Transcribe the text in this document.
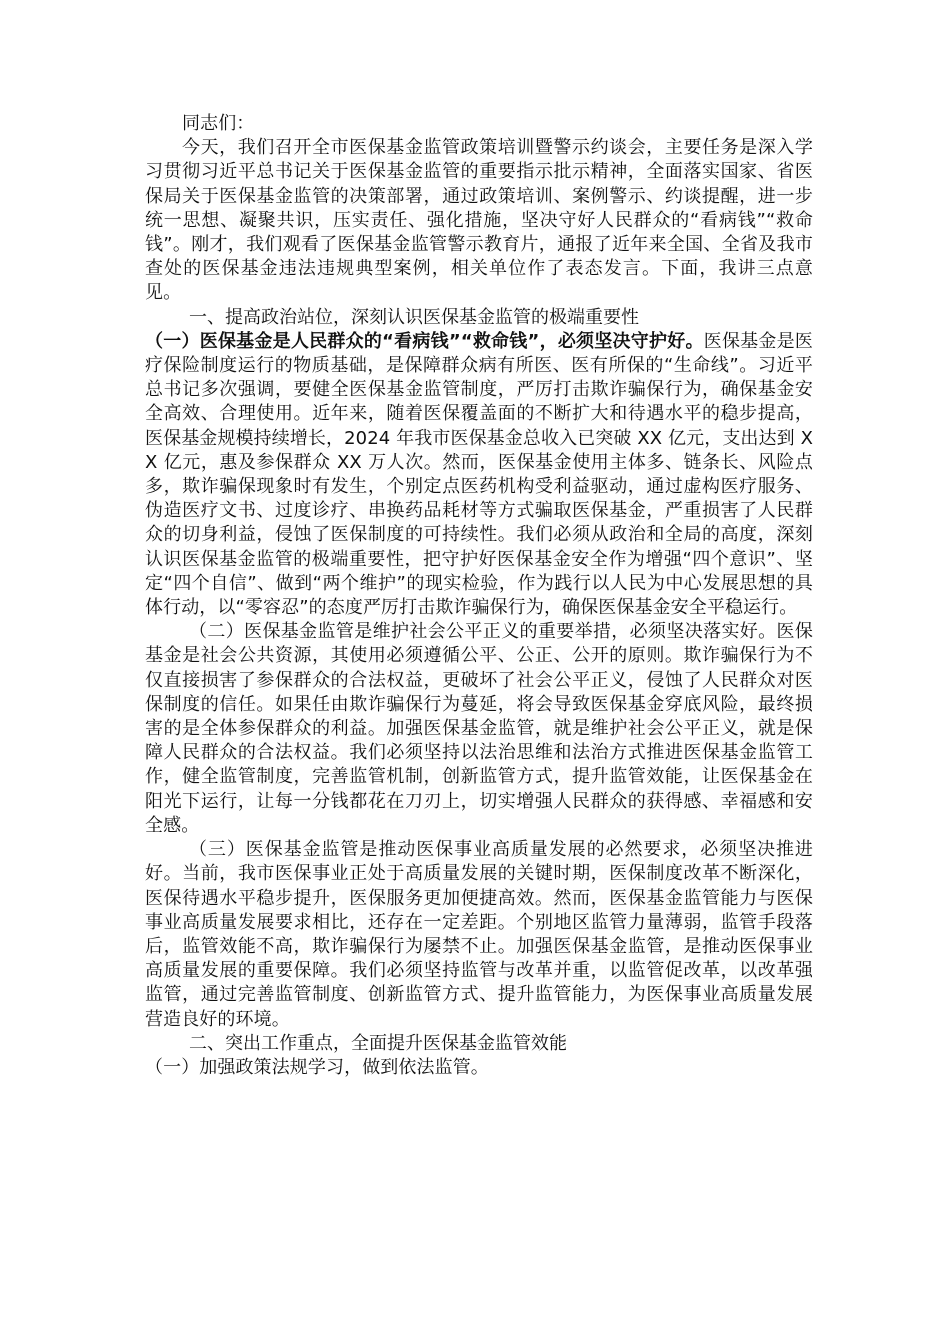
同志们：

今天，我们召开全市医保基金监管政策培训暨警示约谈会，主要任务是深入学习贯彻习近平总书记关于医保基金监管的重要指示批示精神，全面落实国家、省医保局关于医保基金监管的决策部署，通过政策培训、案例警示、约谈提醒，进一步统一思想、凝聚共识，压实责任、强化措施，坚决守好人民群众的“看病钱”“救命钱”。刚才，我们观看了医保基金监管警示教育片，通报了近年来全国、全省及我市查处的医保基金违法违规典型案例，相关单位作了表态发言。下面，我讲三点意见。

一、提高政治站位，深刻认识医保基金监管的极端重要性

（一）医保基金是人民群众的“看病钱”“救命钱”，必须坚决守护好。医保基金是医疗保险制度运行的物质基础，是保障群众病有所医、医有所保的“生命线”。习近平总书记多次强调，要健全医保基金监管制度，严厉打击欺诈骗保行为，确保基金安全高效、合理使用。近年来，随着医保覆盖面的不断扩大和待遇水平的稳步提高，医保基金规模持续增长，2024 年我市医保基金总收入已突破 XX 亿元，支出达到 XX 亿元，惠及参保群众 XX 万人次。然而，医保基金使用主体多、链条长、风险点多，欺诈骗保现象时有发生，个别定点医药机构受利益驱动，通过虚构医疗服务、伪造医疗文书、过度诊疗、串换药品耗材等方式骗取医保基金，严重损害了人民群众的切身利益，侵蚀了医保制度的可持续性。我们必须从政治和全局的高度，深刻认识医保基金监管的极端重要性，把守护好医保基金安全作为增强“四个意识”、坚定“四个自信”、做到“两个维护”的现实检验，作为践行以人民为中心发展思想的具体行动，以“零容忍”的态度严厉打击欺诈骗保行为，确保医保基金安全平稳运行。

（二）医保基金监管是维护社会公平正义的重要举措，必须坚决落实好。医保基金是社会公共资源，其使用必须遵循公平、公正、公开的原则。欺诈骗保行为不仅直接损害了参保群众的合法权益，更破坏了社会公平正义，侵蚀了人民群众对医保制度的信任。如果任由欺诈骗保行为蔓延，将会导致医保基金穿底风险，最终损害的是全体参保群众的利益。加强医保基金监管，就是维护社会公平正义，就是保障人民群众的合法权益。我们必须坚持以法治思维和法治方式推进医保基金监管工作，健全监管制度，完善监管机制，创新监管方式，提升监管效能，让医保基金在阳光下运行，让每一分钱都花在刀刃上，切实增强人民群众的获得感、幸福感和安全感。

（三）医保基金监管是推动医保事业高质量发展的必然要求，必须坚决推进好。当前，我市医保事业正处于高质量发展的关键时期，医保制度改革不断深化，医保待遇水平稳步提升，医保服务更加便捷高效。然而，医保基金监管能力与医保事业高质量发展要求相比，还存在一定差距。个别地区监管力量薄弱，监管手段落后，监管效能不高，欺诈骗保行为屡禁不止。加强医保基金监管，是推动医保事业高质量发展的重要保障。我们必须坚持监管与改革并重，以监管促改革，以改革强监管，通过完善监管制度、创新监管方式、提升监管能力，为医保事业高质量发展营造良好的环境。

二、突出工作重点，全面提升医保基金监管效能

（一）加强政策法规学习，做到依法监管。
